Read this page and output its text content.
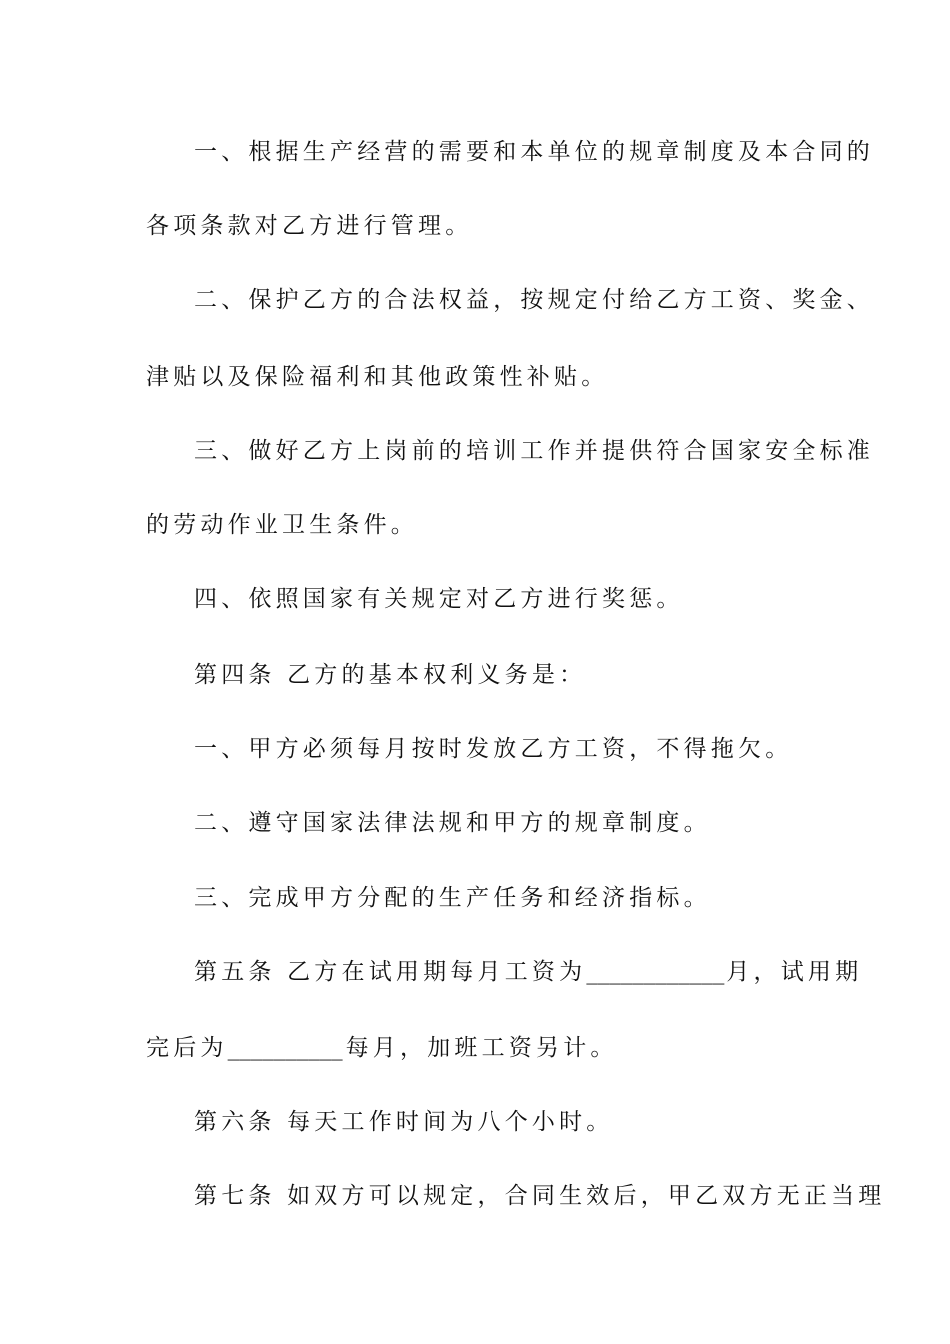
一、根据生产经营的需要和本单位的规章制度及本合同的
各项条款对乙方进行管理。
二、保护乙方的合法权益，按规定付给乙方工资、奖金、
津贴以及保险福利和其他政策性补贴。
三、做好乙方上岗前的培训工作并提供符合国家安全标准
的劳动作业卫生条件。
四、依照国家有关规定对乙方进行奖惩。
第四条 乙方的基本权利义务是：
一、甲方必须每月按时发放乙方工资，不得拖欠。
二、遵守国家法律法规和甲方的规章制度。
三、完成甲方分配的生产任务和经济指标。
第五条 乙方在试用期每月工资为____________月，试用期
完后为__________ 每月，加班工资另计。
第六条 每天工作时间为八个小时。
第七条 如双方可以规定，合同生效后，甲乙双方无正当理
